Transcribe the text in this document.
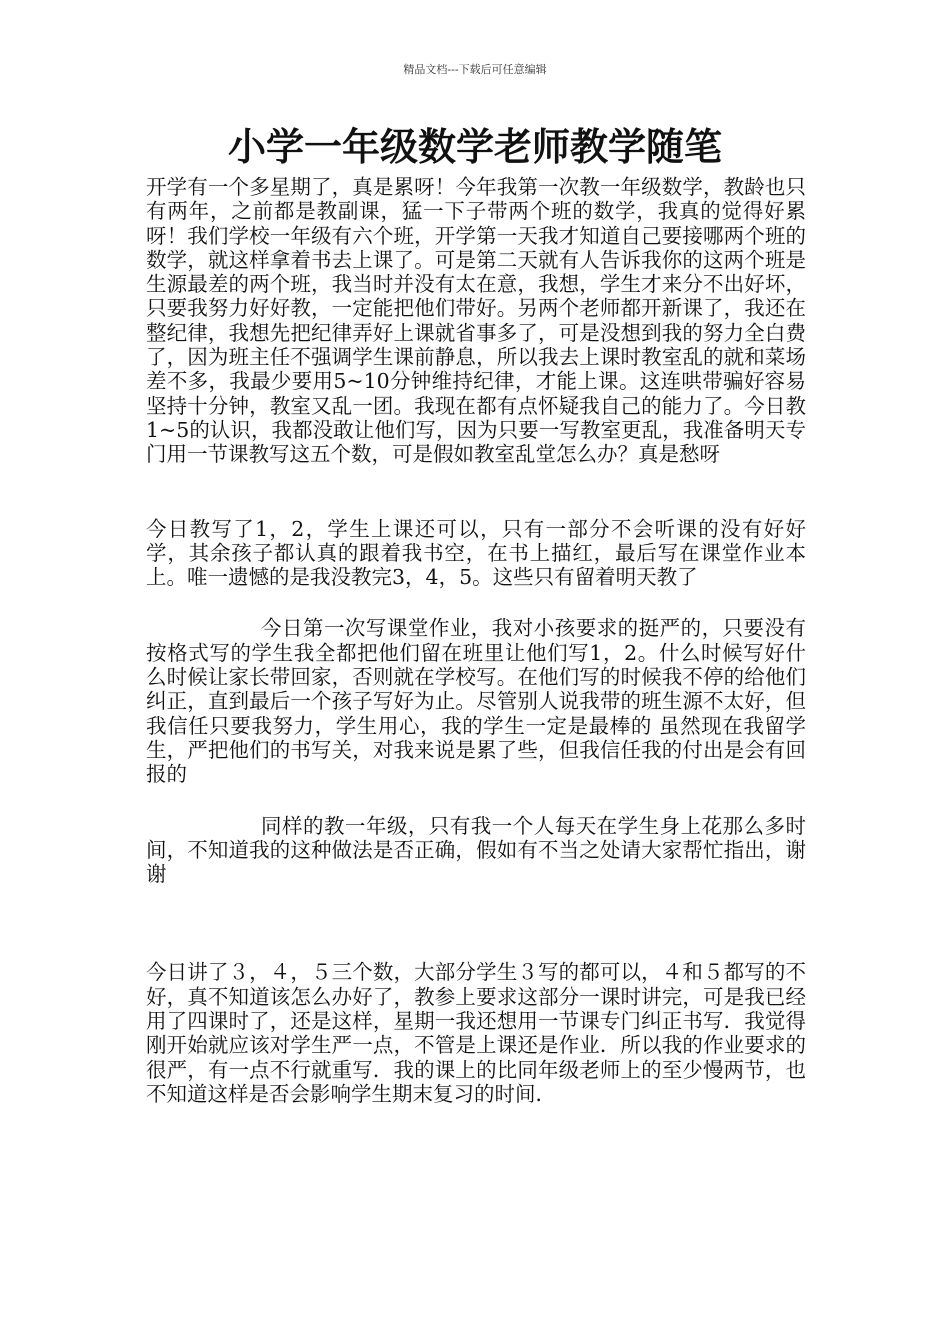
精品文档---下载后可任意编辑
小学一年级数学老师教学随笔

开学有一个多星期了，真是累呀！今年我第一次教一年级数学，教龄也只有两年，之前都是教副课，猛一下子带两个班的数学，我真的觉得好累呀！我们学校一年级有六个班，开学第一天我才知道自己要接哪两个班的数学，就这样拿着书去上课了。可是第二天就有人告诉我你的这两个班是生源最差的两个班，我当时并没有太在意，我想，学生才来分不出好坏，只要我努力好好教，一定能把他们带好。另两个老师都开新课了，我还在整纪律，我想先把纪律弄好上课就省事多了，可是没想到我的努力全白费了，因为班主任不强调学生课前静息，所以我去上课时教室乱的就和菜场差不多，我最少要用5~10分钟维持纪律，才能上课。这连哄带骗好容易坚持十分钟，教室又乱一团。我现在都有点怀疑我自己的能力了。今日教1~5的认识，我都没敢让他们写，因为只要一写教室更乱，我准备明天专门用一节课教写这五个数，可是假如教室乱堂怎么办？真是愁呀

今日教写了1，2，学生上课还可以，只有一部分不会听课的没有好好学，其余孩子都认真的跟着我书空，在书上描红，最后写在课堂作业本上。唯一遗憾的是我没教完3，4，5。这些只有留着明天教了

今日第一次写课堂作业，我对小孩要求的挺严的，只要没有按格式写的学生我全都把他们留在班里让他们写1，2。什么时候写好什么时候让家长带回家，否则就在学校写。在他们写的时候我不停的给他们纠正，直到最后一个孩子写好为止。尽管别人说我带的班生源不太好，但我信任只要我努力，学生用心，我的学生一定是最棒的 虽然现在我留学生，严把他们的书写关，对我来说是累了些，但我信任我的付出是会有回报的

同样的教一年级，只有我一个人每天在学生身上花那么多时间，不知道我的这种做法是否正确，假如有不当之处请大家帮忙指出，谢谢

今日讲了３，４，５三个数，大部分学生３写的都可以，４和５都写的不好，真不知道该怎么办好了，教参上要求这部分一课时讲完，可是我已经用了四课时了，还是这样，星期一我还想用一节课专门纠正书写．我觉得刚开始就应该对学生严一点，不管是上课还是作业．所以我的作业要求的很严，有一点不行就重写．我的课上的比同年级老师上的至少慢两节，也不知道这样是否会影响学生期末复习的时间．
